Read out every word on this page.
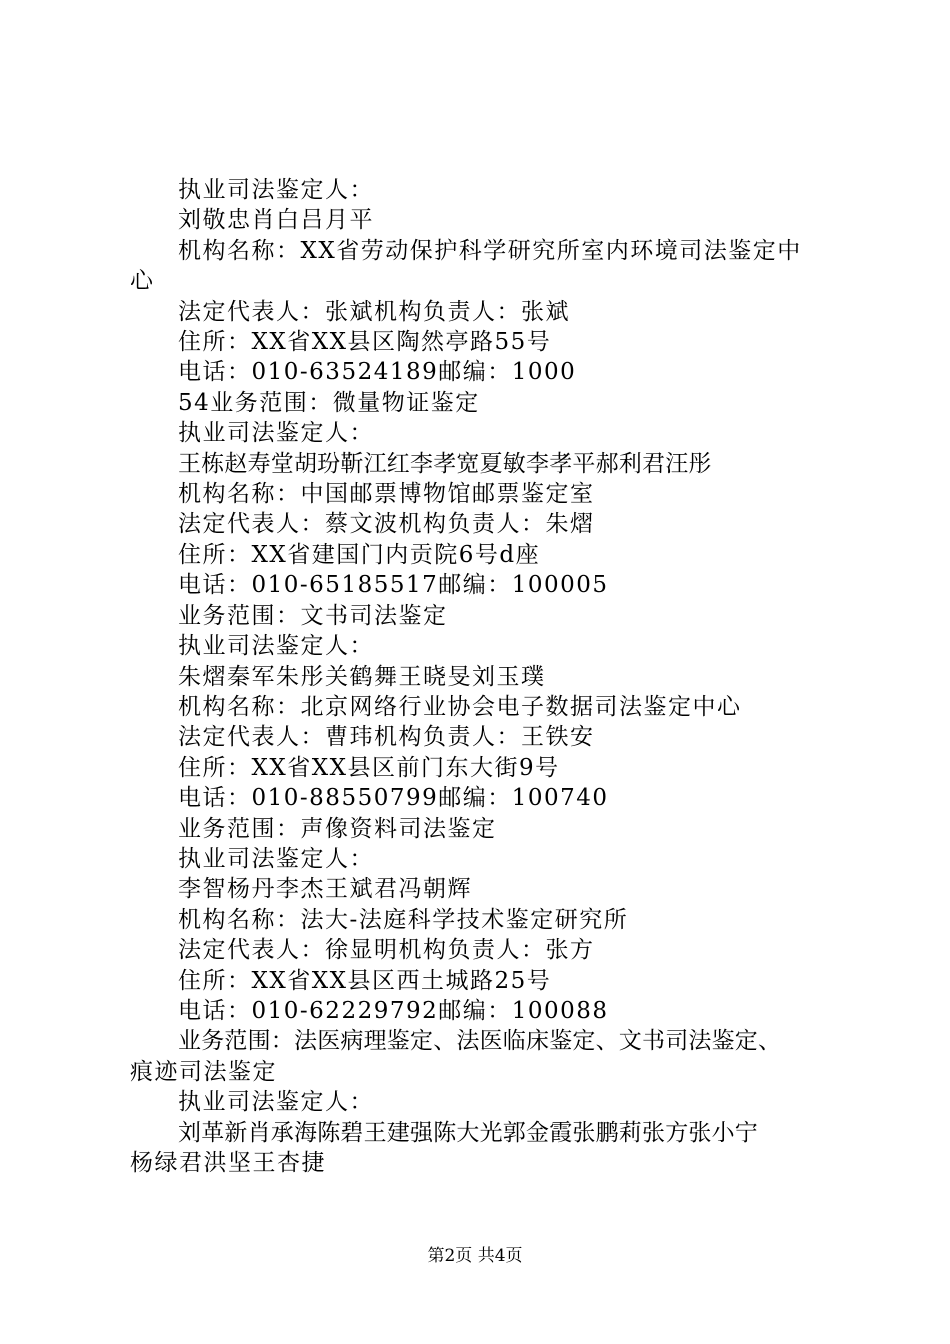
执业司法鉴定人：
刘敬忠肖白吕月平
机构名称：XX省劳动保护科学研究所室内环境司法鉴定中
心
法定代表人：张斌机构负责人：张斌
住所：XX省XX县区陶然亭路55号
电话：010-63524189邮编：1000
54业务范围：微量物证鉴定
执业司法鉴定人：
王栋赵寿堂胡玢靳江红李孝宽夏敏李孝平郝利君汪彤
机构名称：中国邮票博物馆邮票鉴定室
法定代表人：蔡文波机构负责人：朱熠
住所：XX省建国门内贡院6号d座
电话：010-65185517邮编：100005
业务范围：文书司法鉴定
执业司法鉴定人：
朱熠秦军朱彤关鹤舞王晓旻刘玉璞
机构名称：北京网络行业协会电子数据司法鉴定中心
法定代表人：曹玮机构负责人：王铁安
住所：XX省XX县区前门东大街9号
电话：010-88550799邮编：100740
业务范围：声像资料司法鉴定
执业司法鉴定人：
李智杨丹李杰王斌君冯朝辉
机构名称：法大-法庭科学技术鉴定研究所
法定代表人：徐显明机构负责人：张方
住所：XX省XX县区西土城路25号
电话：010-62229792邮编：100088
业务范围：法医病理鉴定、法医临床鉴定、文书司法鉴定、
痕迹司法鉴定
执业司法鉴定人：
刘革新肖承海陈碧王建强陈大光郭金霞张鹏莉张方张小宁
杨绿君洪坚王杏捷
第2页 共4页
